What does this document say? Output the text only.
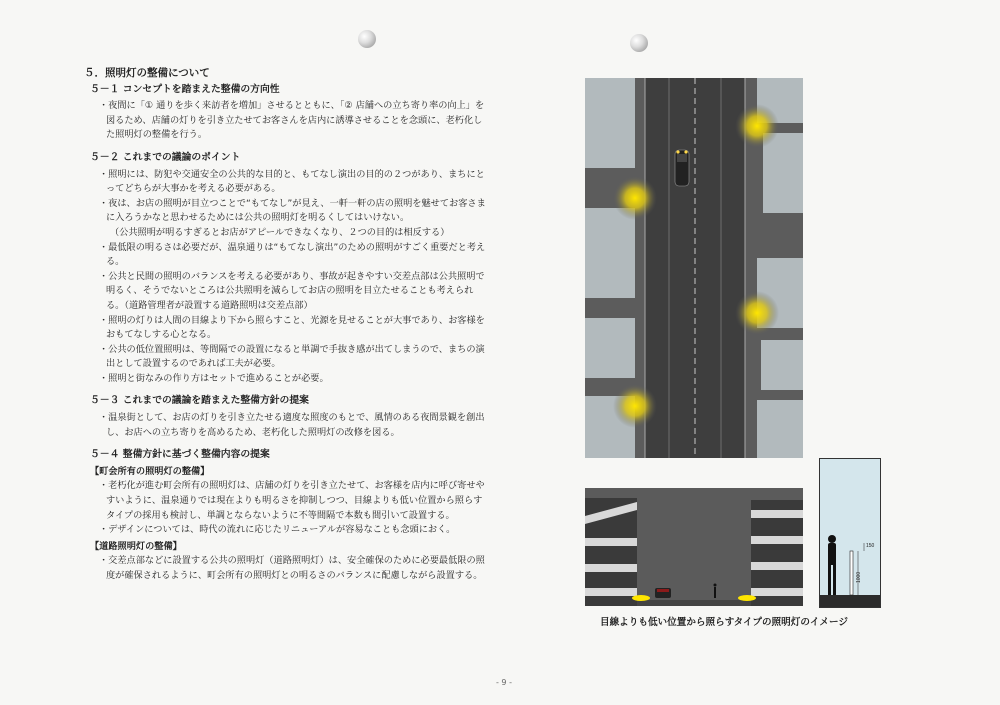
５．照明灯の整備について
５－１ コンセプトを踏まえた整備の方向性

・夜間に「① 通りを歩く来訪者を増加」させるとともに、「② 店舗への立ち寄り率の向上」を図るため、店舗の灯りを引き立たせてお客さんを店内に誘導させることを念頭に、老朽化した照明灯の整備を行う。

５－２ これまでの議論のポイント

・照明には、防犯や交通安全の公共的な目的と、もてなし演出の目的の２つがあり、まちにとってどちらが大事かを考える必要がある。

・夜は、お店の照明が目立つことで“もてなし”が見え、一軒一軒の店の照明を魅せてお客さまに入ろうかなと思わせるためには公共の照明灯を明るくしてはいけない。

（公共照明が明るすぎるとお店がアピールできなくなり、２つの目的は相反する）

・最低限の明るさは必要だが、温泉通りは“もてなし演出”のための照明がすごく重要だと考える。

・公共と民間の照明のバランスを考える必要があり、事故が起きやすい交差点部は公共照明で明るく、そうでないところは公共照明を減らしてお店の照明を目立たせることも考えられる。（道路管理者が設置する道路照明は交差点部）

・照明の灯りは人間の目線より下から照らすこと、光源を見せることが大事であり、お客様をおもてなしする心となる。

・公共の低位置照明は、等間隔での設置になると単調で手抜き感が出てしまうので、まちの演出として設置するのであれば工夫が必要。

・照明と街なみの作り方はセットで進めることが必要。

５－３ これまでの議論を踏まえた整備方針の提案

・温泉街として、お店の灯りを引き立たせる適度な照度のもとで、風情のある夜間景観を創出し、お店への立ち寄りを高めるため、老朽化した照明灯の改修を図る。

５－４ 整備方針に基づく整備内容の提案
【町会所有の照明灯の整備】

・老朽化が進む町会所有の照明灯は、店舗の灯りを引き立たせて、お客様を店内に呼び寄せやすいように、温泉通りでは現在よりも明るさを抑制しつつ、目線よりも低い位置から照らすタイプの採用も検討し、単調とならないように不等間隔で本数も間引いて設置する。

・デザインについては、時代の流れに応じたリニューアルが容易なことも念頭におく。

【道路照明灯の整備】

・交差点部などに設置する公共の照明灯（道路照明灯）は、安全確保のために必要最低限の照度が確保されるように、町会所有の照明灯との明るさのバランスに配慮しながら設置する。	1000
150
目線よりも低い位置から照らすタイプの照明灯のイメージ
- 9 -
